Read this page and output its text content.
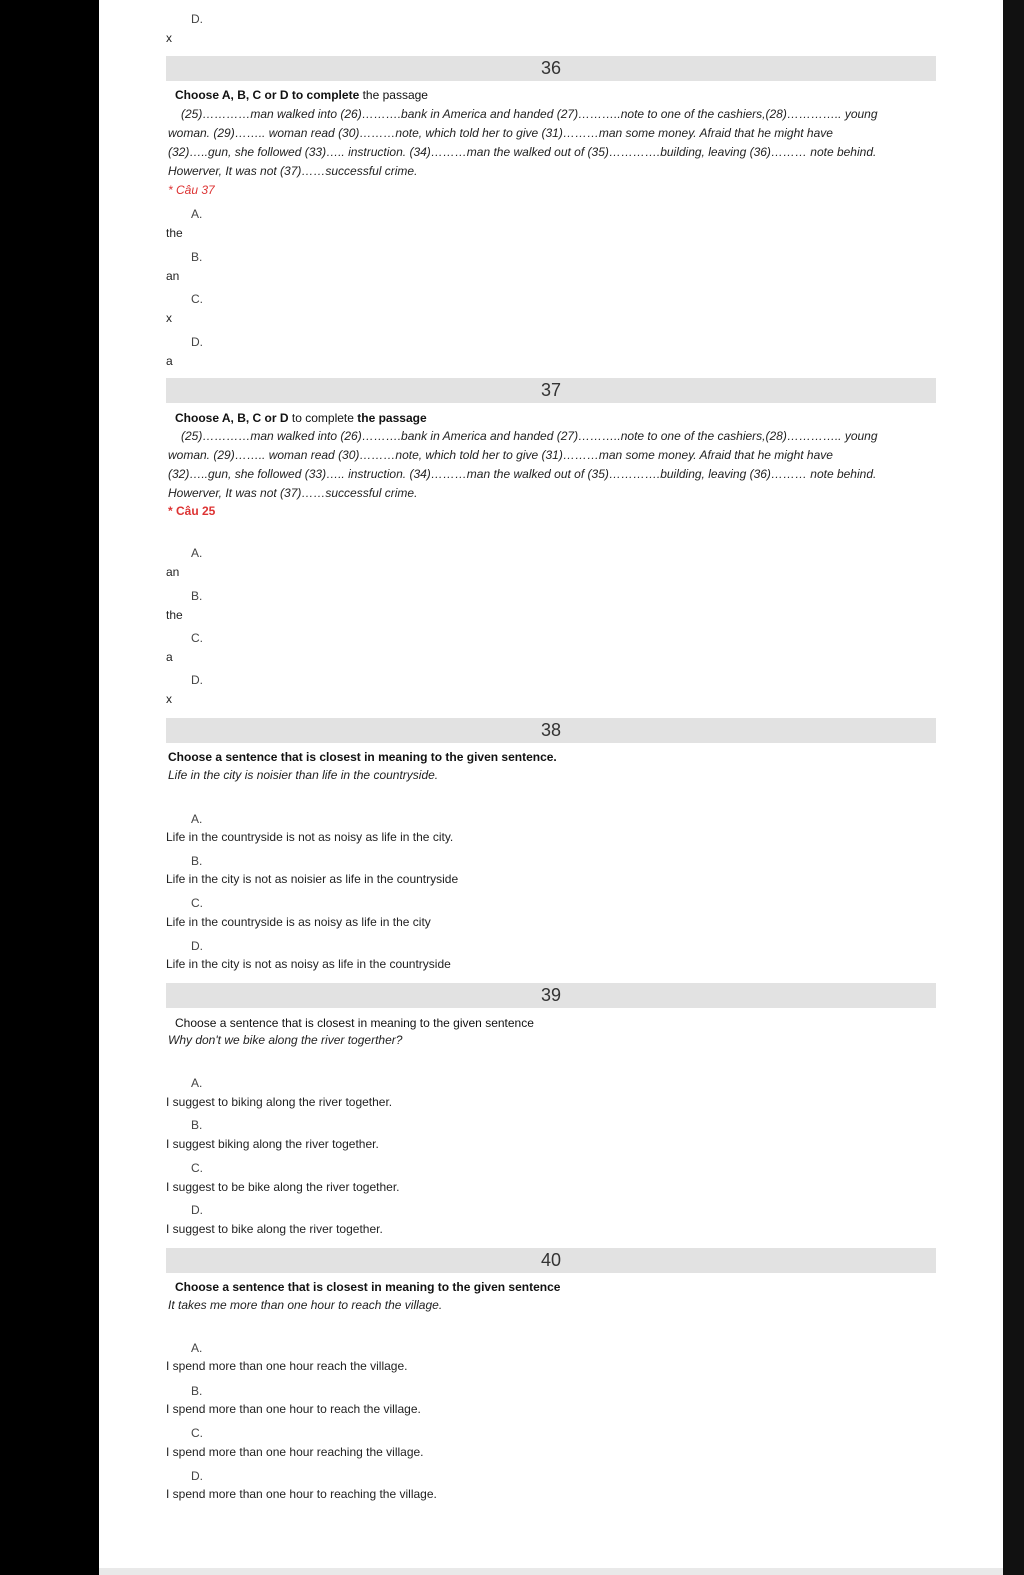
D.
x
36
Choose A, B, C or D to complete the passage

(25)…………man walked into (26)……….bank in America and handed (27)………..note to one of the cashiers,(28)………….. young

woman. (29)…….. woman read (30)………note, which told her to give (31)………man some money. Afraid that he might have

(32)…..gun, she followed (33)….. instruction. (34)………man the walked out of (35)………….building, leaving (36)……… note behind.

Howerver, It was not (37)……successful crime.

* Câu 37
A.
the
B.
an
C.
x
D.
a
37
Choose A, B, C or D to complete the passage

(25)…………man walked into (26)……….bank in America and handed (27)………..note to one of the cashiers,(28)………….. young

woman. (29)…….. woman read (30)………note, which told her to give (31)………man some money. Afraid that he might have

(32)…..gun, she followed (33)….. instruction. (34)………man the walked out of (35)………….building, leaving (36)……… note behind.

Howerver, It was not (37)……successful crime.

* Câu 25
A.
an
B.
the
C.
a
D.
x
38
Choose a sentence that is closest in meaning to the given sentence.
Life in the city is noisier than life in the countryside.
A.
Life in the countryside is not as noisy as life in the city.
B.
Life in the city is not as noisier as life in the countryside
C.
Life in the countryside is as noisy as life in the city
D.
Life in the city is not as noisy as life in the countryside
39
Choose a sentence that is closest in meaning to the given sentence
Why don't we bike along the river togerther?
A.
I suggest to biking along the river together.
B.
I suggest biking along the river together.
C.
I suggest to be bike along the river together.
D.
I suggest to bike along the river together.
40
Choose a sentence that is closest in meaning to the given sentence
It takes me more than one hour to reach the village.
A.
I spend more than one hour reach the village.
B.
I spend more than one hour to reach the village.
C.
I spend more than one hour reaching the village.
D.
I spend more than one hour to reaching the village.
